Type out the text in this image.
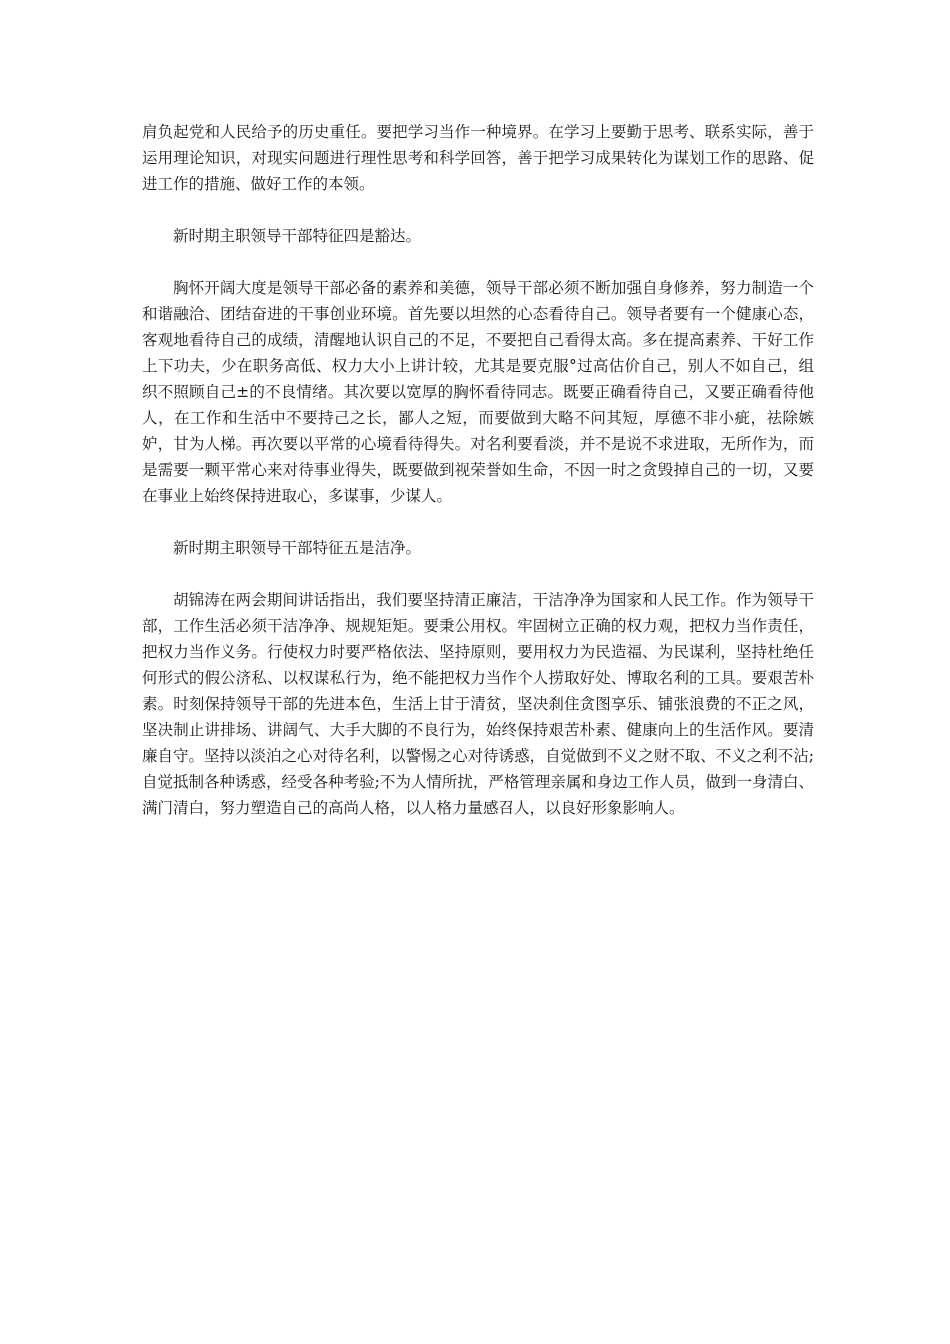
肩负起党和人民给予的历史重任。要把学习当作一种境界。在学习上要勤于思考、联系实际，善于运用理论知识，对现实问题进行理性思考和科学回答，善于把学习成果转化为谋划工作的思路、促进工作的措施、做好工作的本领。

新时期主职领导干部特征四是豁达。

胸怀开阔大度是领导干部必备的素养和美德，领导干部必须不断加强自身修养，努力制造一个和谐融洽、团结奋进的干事创业环境。首先要以坦然的心态看待自己。领导者要有一个健康心态，客观地看待自己的成绩，清醒地认识自己的不足，不要把自己看得太高。多在提高素养、干好工作上下功夫，少在职务高低、权力大小上讲计较，尤其是要克服°过高估价自己，别人不如自己，组织不照顾自己±的不良情绪。其次要以宽厚的胸怀看待同志。既要正确看待自己，又要正确看待他人，在工作和生活中不要持己之长，鄙人之短，而要做到大略不问其短，厚德不非小疵，祛除嫉妒，甘为人梯。再次要以平常的心境看待得失。对名利要看淡，并不是说不求进取，无所作为，而是需要一颗平常心来对待事业得失，既要做到视荣誉如生命，不因一时之贪毁掉自己的一切，又要在事业上始终保持进取心，多谋事，少谋人。

新时期主职领导干部特征五是洁净。

胡锦涛在两会期间讲话指出，我们要坚持清正廉洁，干洁净净为国家和人民工作。作为领导干部，工作生活必须干洁净净、规规矩矩。要秉公用权。牢固树立正确的权力观，把权力当作责任，把权力当作义务。行使权力时要严格依法、坚持原则，要用权力为民造福、为民谋利，坚持杜绝任何形式的假公济私、以权谋私行为，绝不能把权力当作个人捞取好处、博取名利的工具。要艰苦朴素。时刻保持领导干部的先进本色，生活上甘于清贫，坚决刹住贪图享乐、铺张浪费的不正之风，坚决制止讲排场、讲阔气、大手大脚的不良行为，始终保持艰苦朴素、健康向上的生活作风。要清廉自守。坚持以淡泊之心对待名利，以警惕之心对待诱惑，自觉做到不义之财不取、不义之利不沾;自觉抵制各种诱惑，经受各种考验;不为人情所扰，严格管理亲属和身边工作人员，做到一身清白、满门清白，努力塑造自己的高尚人格，以人格力量感召人，以良好形象影响人。
